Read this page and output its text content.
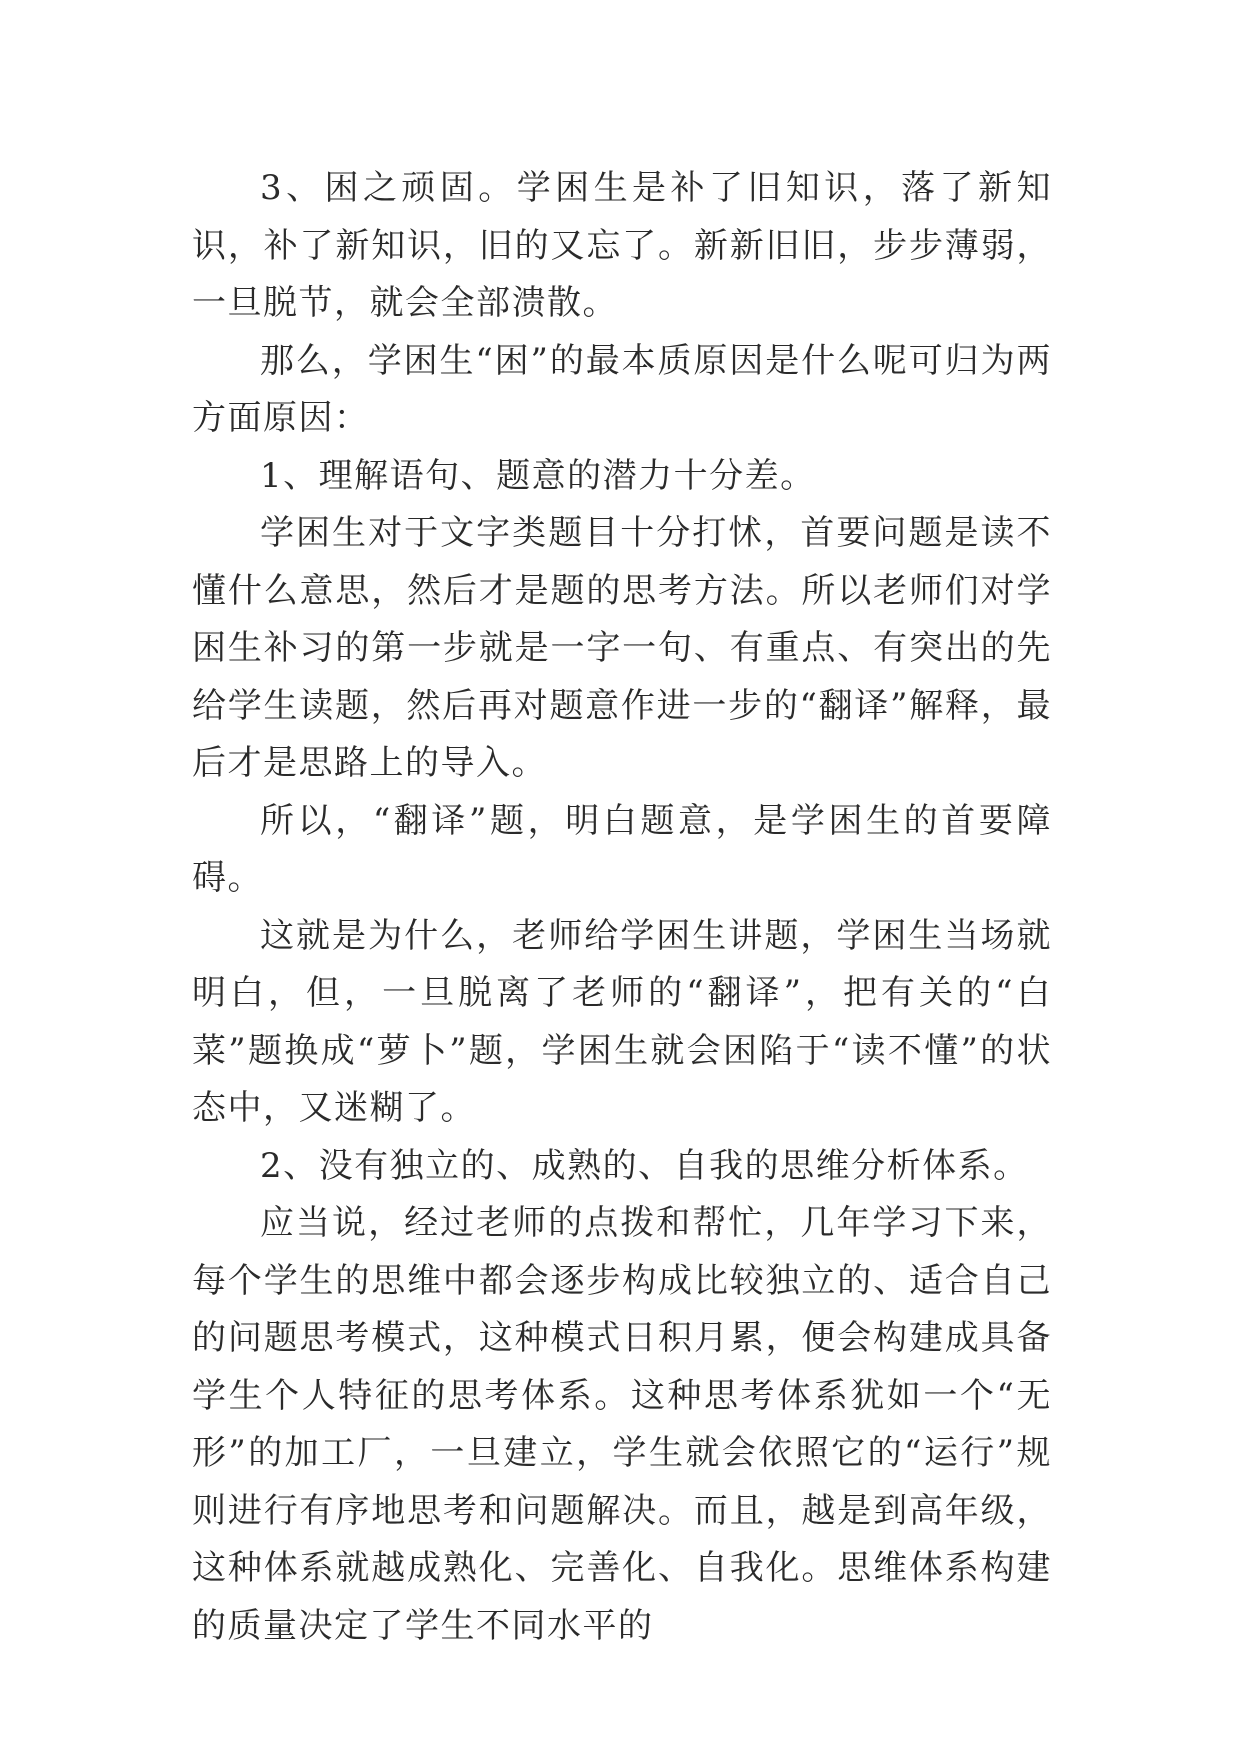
3、困之顽固。学困生是补了旧知识，落了新知识，补了新知识，旧的又忘了。新新旧旧，步步薄弱，一旦脱节，就会全部溃散。

那么，学困生“困”的最本质原因是什么呢可归为两方面原因：

1、理解语句、题意的潜力十分差。

学困生对于文字类题目十分打怵，首要问题是读不懂什么意思，然后才是题的思考方法。所以老师们对学困生补习的第一步就是一字一句、有重点、有突出的先给学生读题，然后再对题意作进一步的“翻译”解释，最后才是思路上的导入。

所以，“翻译”题，明白题意，是学困生的首要障碍。

这就是为什么，老师给学困生讲题，学困生当场就明白，但，一旦脱离了老师的“翻译”，把有关的“白菜”题换成“萝卜”题，学困生就会困陷于“读不懂”的状态中，又迷糊了。

2、没有独立的、成熟的、自我的思维分析体系。

应当说，经过老师的点拨和帮忙，几年学习下来，每个学生的思维中都会逐步构成比较独立的、适合自己的问题思考模式，这种模式日积月累，便会构建成具备学生个人特征的思考体系。这种思考体系犹如一个“无形”的加工厂，一旦建立，学生就会依照它的“运行”规则进行有序地思考和问题解决。而且，越是到高年级，这种体系就越成熟化、完善化、自我化。思维体系构建的质量决定了学生不同水平的
